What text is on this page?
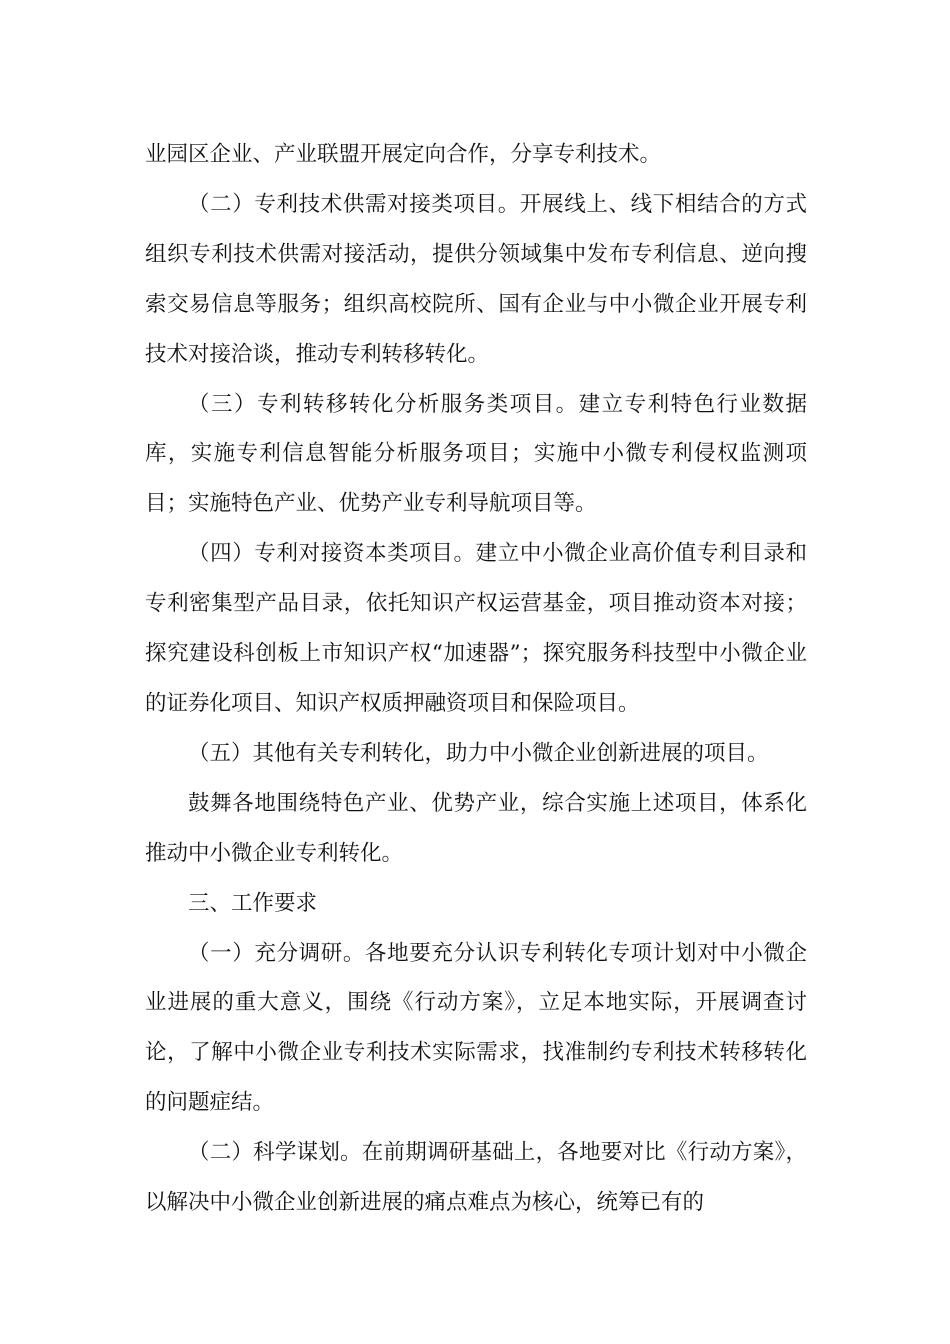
业园区企业、产业联盟开展定向合作，分享专利技术。

（二）专利技术供需对接类项目。开展线上、线下相结合的方式组织专利技术供需对接活动，提供分领域集中发布专利信息、逆向搜索交易信息等服务；组织高校院所、国有企业与中小微企业开展专利技术对接洽谈，推动专利转移转化。

（三）专利转移转化分析服务类项目。建立专利特色行业数据库，实施专利信息智能分析服务项目；实施中小微专利侵权监测项目；实施特色产业、优势产业专利导航项目等。

（四）专利对接资本类项目。建立中小微企业高价值专利目录和专利密集型产品目录，依托知识产权运营基金，项目推动资本对接；探究建设科创板上市知识产权“加速器”；探究服务科技型中小微企业的证券化项目、知识产权质押融资项目和保险项目。

（五）其他有关专利转化，助力中小微企业创新进展的项目。

鼓舞各地围绕特色产业、优势产业，综合实施上述项目，体系化推动中小微企业专利转化。

三、工作要求

（一）充分调研。各地要充分认识专利转化专项计划对中小微企业进展的重大意义，围绕《行动方案》，立足本地实际，开展调查讨论，了解中小微企业专利技术实际需求，找准制约专利技术转移转化的问题症结。

（二）科学谋划。在前期调研基础上，各地要对比《行动方案》，以解决中小微企业创新进展的痛点难点为核心，统筹已有的
